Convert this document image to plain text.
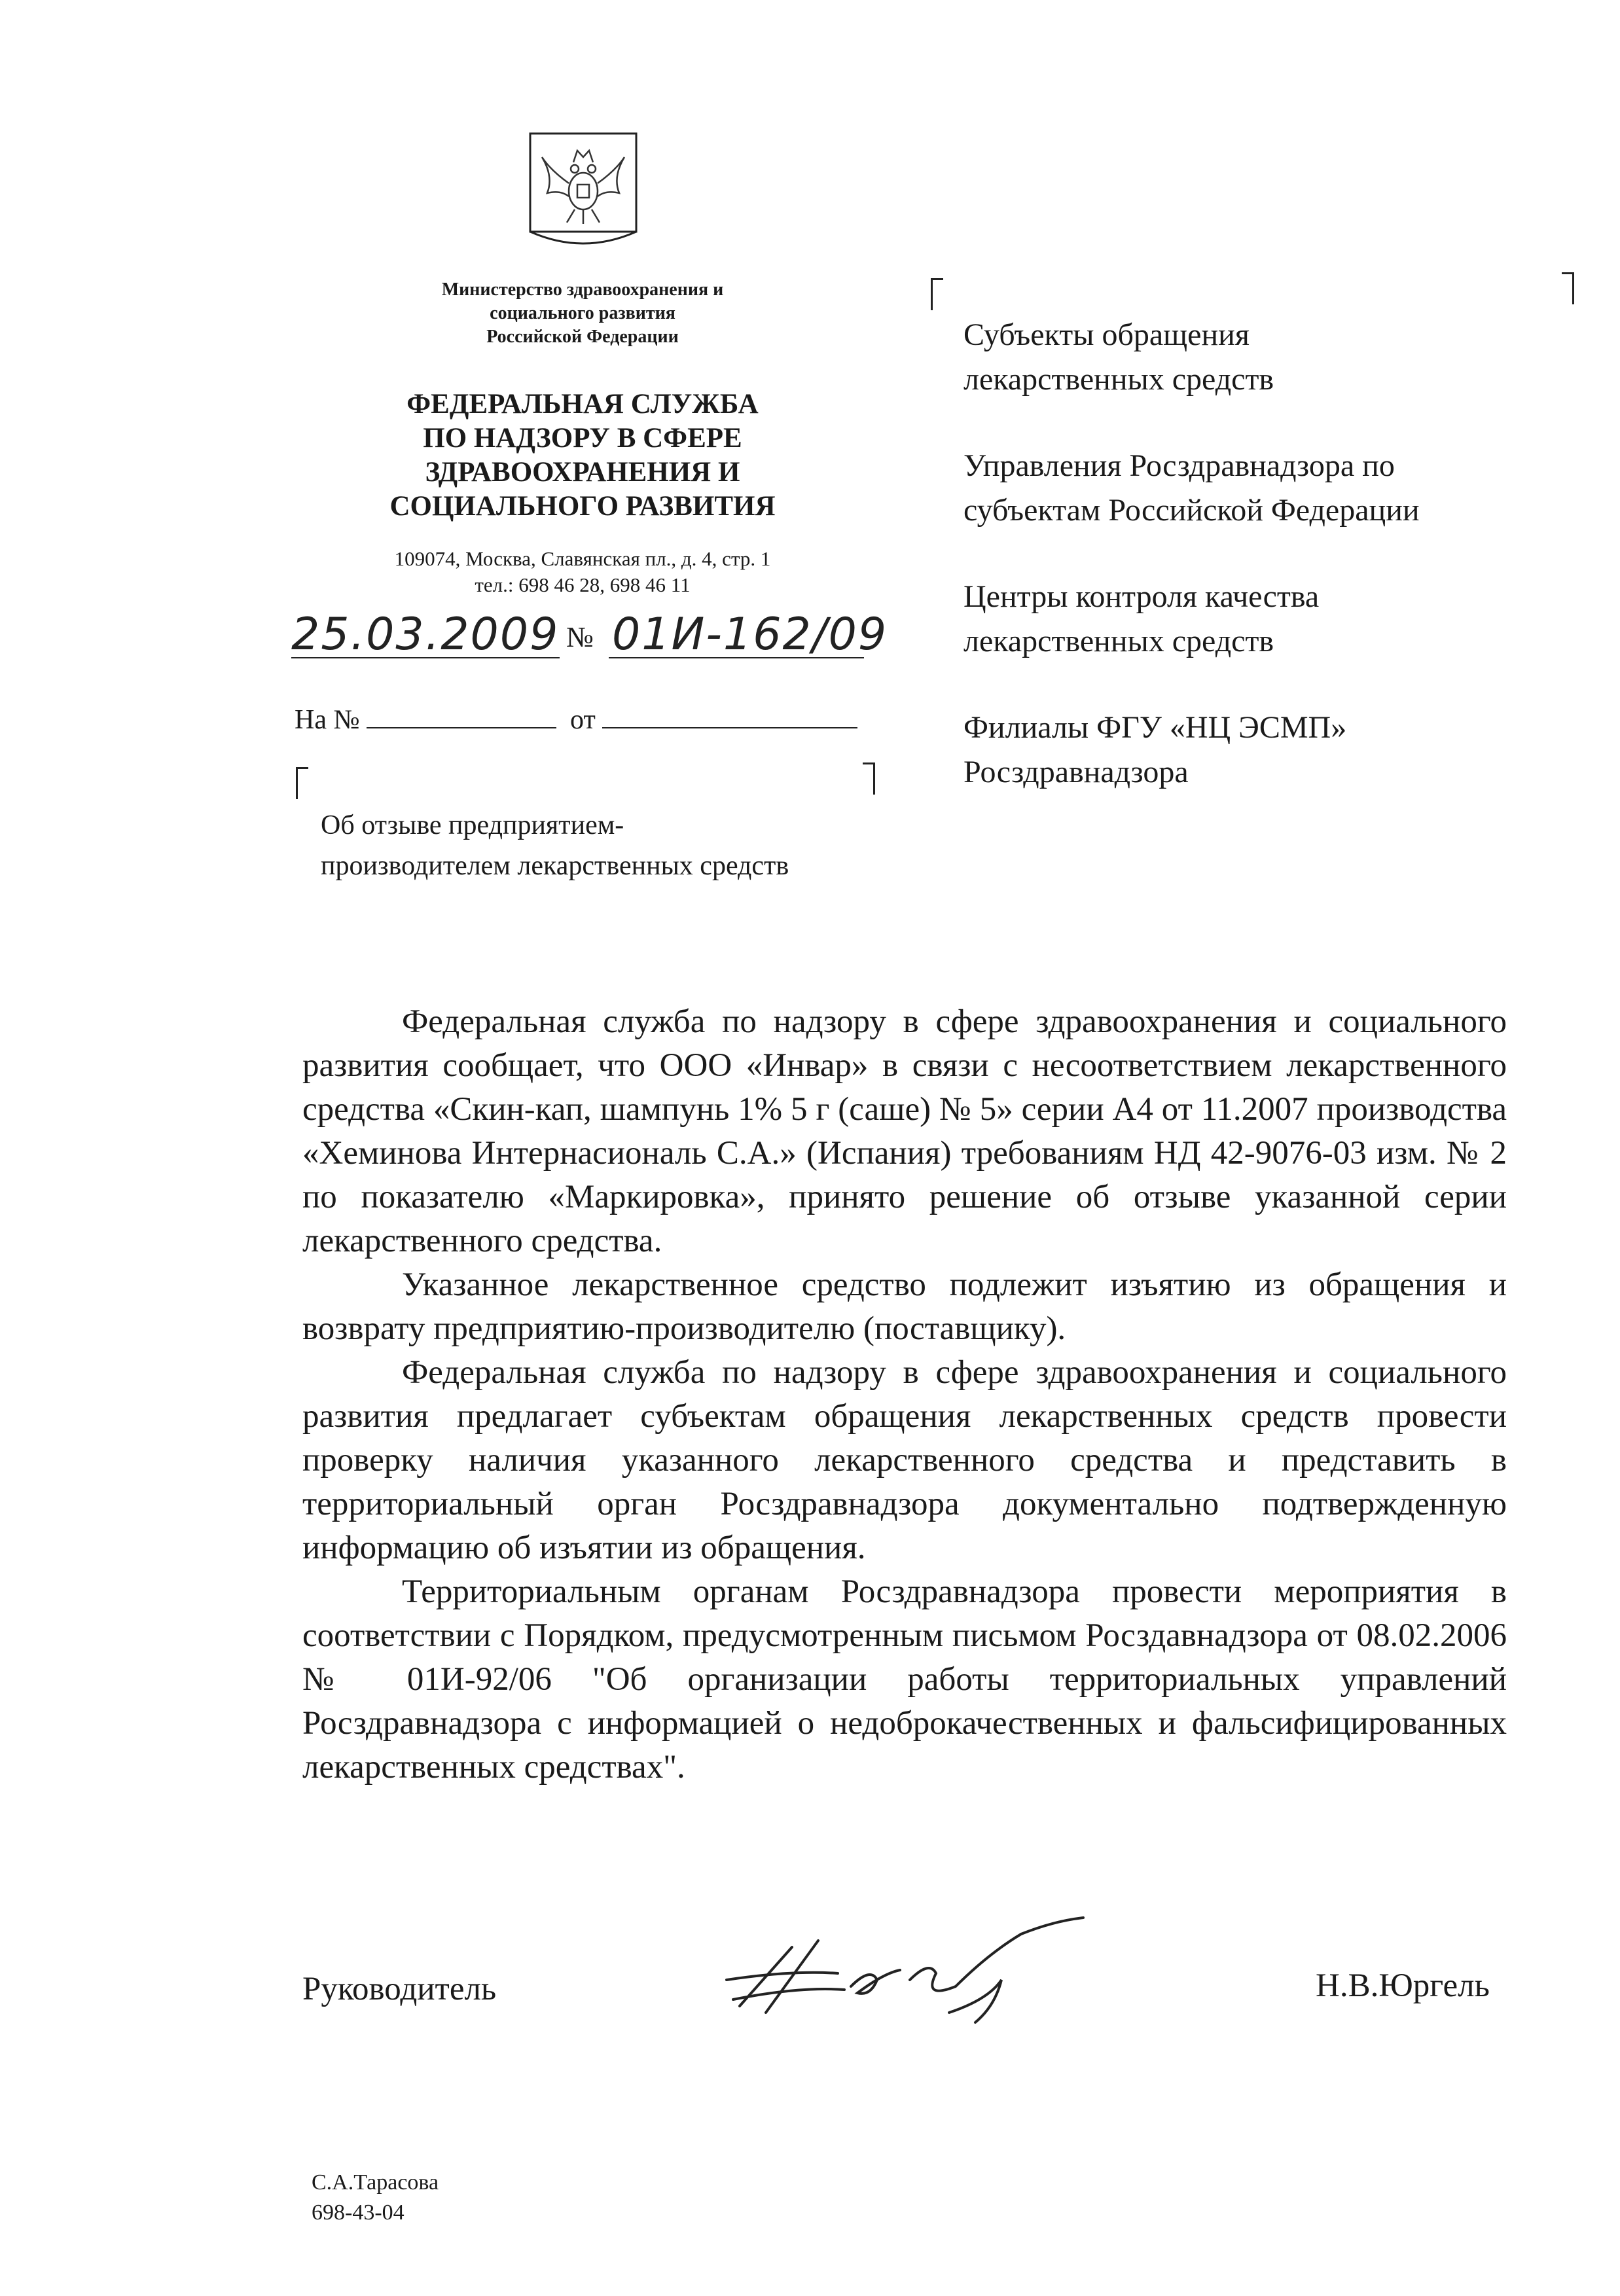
Министерство здравоохранения и
социального развития
Российской Федерации
ФЕДЕРАЛЬНАЯ СЛУЖБА
ПО НАДЗОРУ В СФЕРЕ
ЗДРАВООХРАНЕНИЯ И
СОЦИАЛЬНОГО РАЗВИТИЯ
109074, Москва, Славянская пл., д. 4, стр. 1
тел.: 698 46 28, 698 46 11
25.03.2009 № 01И-162/09
На №	от
Об отзыве предприятием-
производителем лекарственных средств
Субъекты обращения
лекарственных средств
Управления Росздравнадзора по
субъектам Российской Федерации
Центры контроля качества
лекарственных средств
Филиалы ФГУ «НЦ ЭСМП»
Росздравнадзора

Федеральная служба по надзору в сфере здравоохранения и социального развития сообщает, что ООО «Инвар» в связи с несоответствием лекарственного средства «Скин-кап, шампунь 1% 5 г (саше) № 5» серии А4 от 11.2007 производства «Хеминова Интернасиональ С.А.» (Испания) требованиям НД 42-9076-03 изм. № 2 по показателю «Маркировка», принято решение об отзыве указанной серии лекарственного средства.

Указанное лекарственное средство подлежит изъятию из обращения и возврату предприятию-производителю (поставщику).

Федеральная служба по надзору в сфере здравоохранения и социального развития предлагает субъектам обращения лекарственных средств провести проверку наличия указанного лекарственного средства и представить в территориальный орган Росздравнадзора документально подтвержденную информацию об изъятии из обращения.

Территориальным органам Росздравнадзора провести мероприятия в соответствии с Порядком, предусмотренным письмом Росздавнадзора от 08.02.2006 № 01И-92/06 "Об организации работы территориальных управлений Росздравнадзора с информацией о недоброкачественных и фальсифицированных лекарственных средствах".

Руководитель	Н.В.Юргель
С.А.Тарасова
698-43-04
